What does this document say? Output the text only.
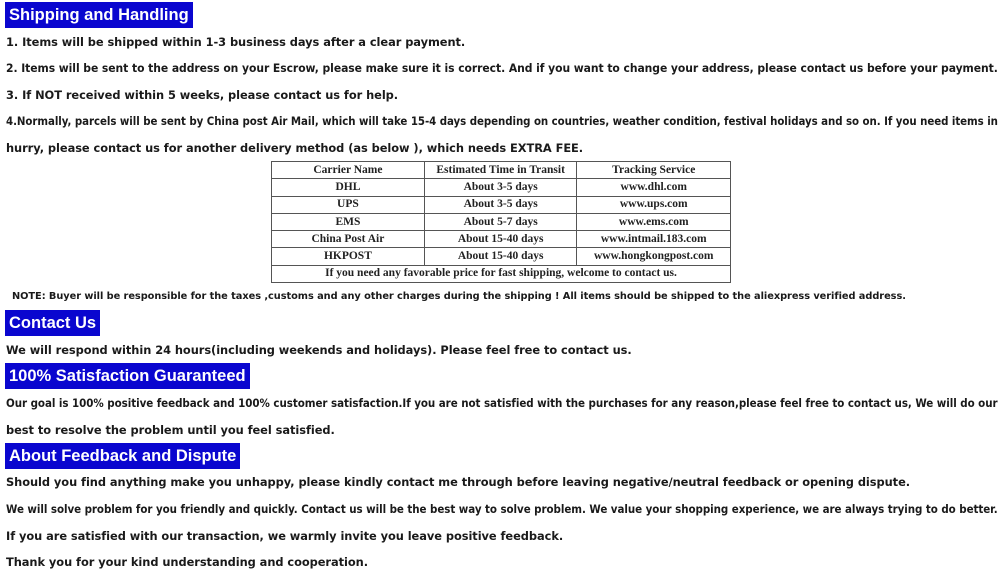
Shipping and Handling
1. Items will be shipped within 1-3 business days after a clear payment.
2. Items will be sent to the address on your Escrow, please make sure it is correct. And if you want to change your address, please contact us before your payment.
3. If NOT received within 5 weeks, please contact us for help.
4.Normally, parcels will be sent by China post Air Mail, which will take 15-4 days depending on countries, weather condition, festival holidays and so on. If you need items in
hurry, please contact us for another delivery method (as below ), which needs EXTRA FEE.
Carrier Name	Estimated Time in Transit	Tracking Service
DHL	About 3-5 days	www.dhl.com
UPS	About 3-5 days	www.ups.com
EMS	About 5-7 days	www.ems.com
China Post Air	About 15-40 days	www.intmail.183.com
HKPOST	About 15-40 days	www.hongkongpost.com
If you need any favorable price for fast shipping, welcome to contact us.		
NOTE: Buyer will be responsible for the taxes ,customs and any other charges during the shipping ! All items should be shipped to the aliexpress verified address.
Contact Us
We will respond within 24 hours(including weekends and holidays). Please feel free to contact us.
100% Satisfaction Guaranteed
Our goal is 100% positive feedback and 100% customer satisfaction.If you are not satisfied with the purchases for any reason,please feel free to contact us, We will do our
best to resolve the problem until you feel satisfied.
About Feedback and Dispute
Should you find anything make you unhappy, please kindly contact me through before leaving negative/neutral feedback or opening dispute.
We will solve problem for you friendly and quickly. Contact us will be the best way to solve problem. We value your shopping experience, we are always trying to do better.
If you are satisfied with our transaction, we warmly invite you leave positive feedback.
Thank you for your kind understanding and cooperation.
